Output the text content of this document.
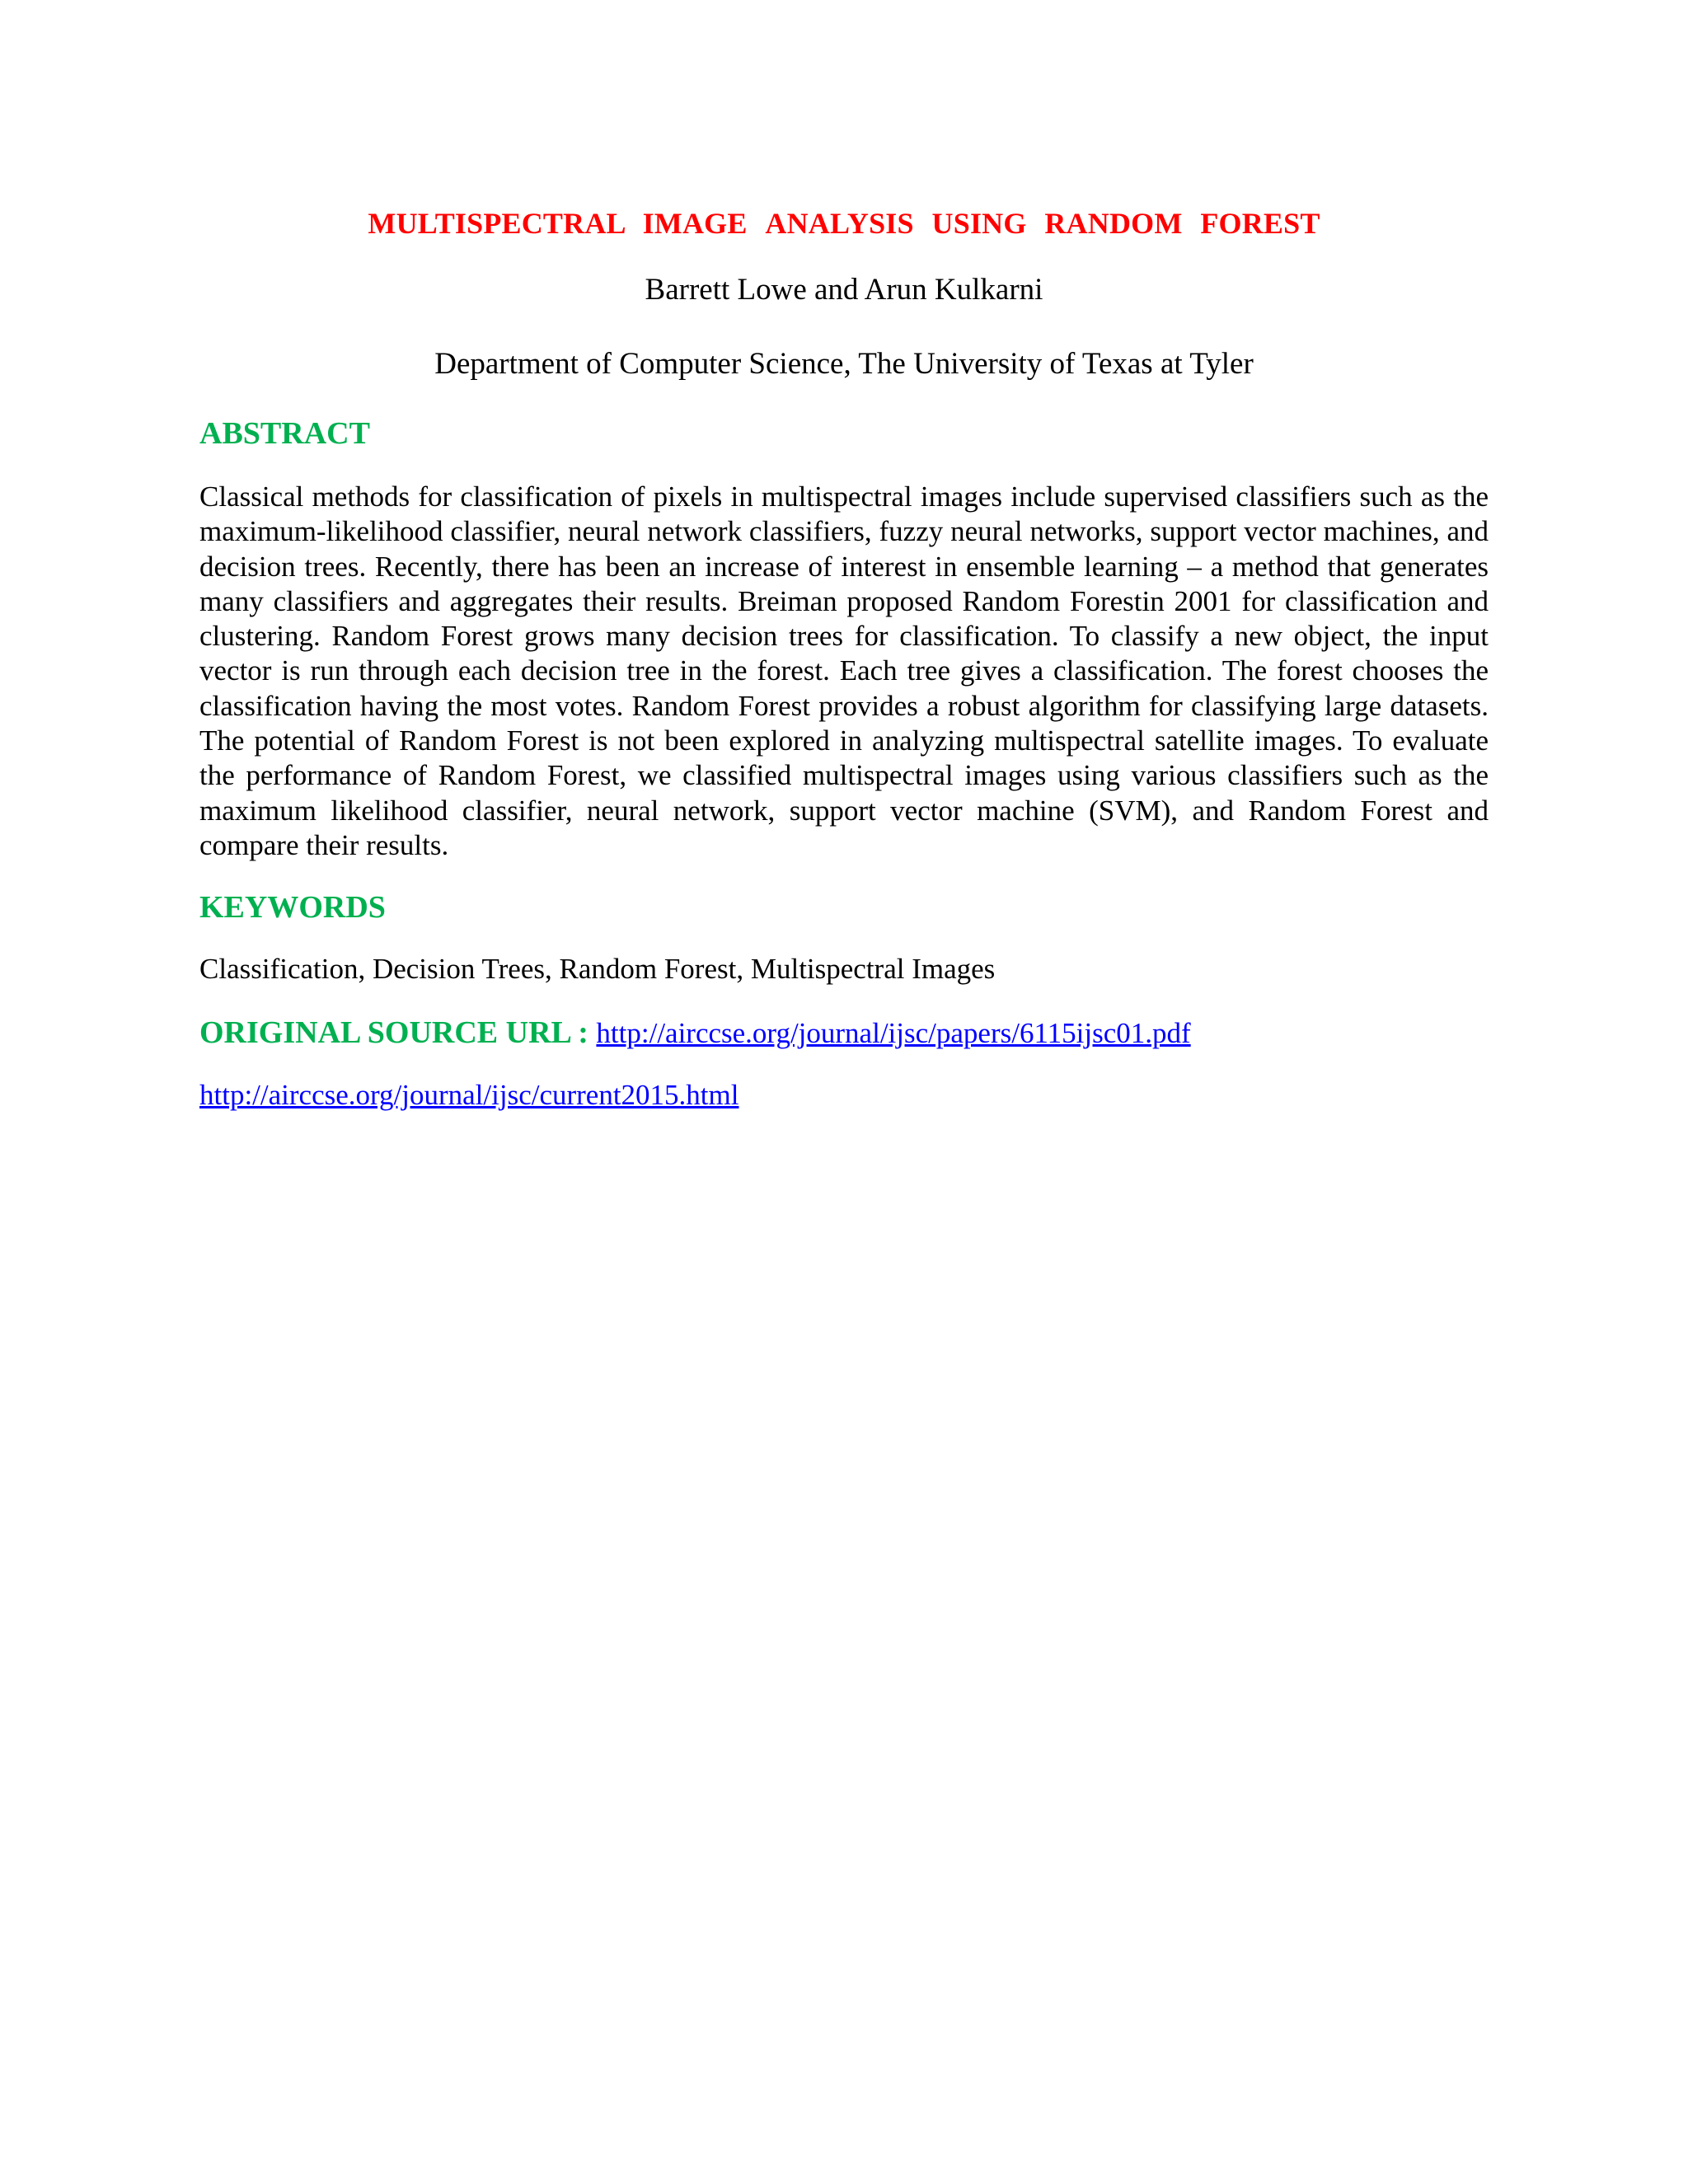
MULTISPECTRAL IMAGE ANALYSIS USING RANDOM FOREST

Barrett Lowe and Arun Kulkarni

Department of Computer Science, The University of Texas at Tyler

ABSTRACT

Classical methods for classification of pixels in multispectral images include supervised classifiers such as the maximum-likelihood classifier, neural network classifiers, fuzzy neural networks, support vector machines, and decision trees. Recently, there has been an increase of interest in ensemble learning – a method that generates many classifiers and aggregates their results. Breiman proposed Random Forestin 2001 for classification and clustering. Random Forest grows many decision trees for classification. To classify a new object, the input vector is run through each decision tree in the forest. Each tree gives a classification. The forest chooses the classification having the most votes. Random Forest provides a robust algorithm for classifying large datasets. The potential of Random Forest is not been explored in analyzing multispectral satellite images. To evaluate the performance of Random Forest, we classified multispectral images using various classifiers such as the maximum likelihood classifier, neural network, support vector machine (SVM), and Random Forest and compare their results.

KEYWORDS

Classification, Decision Trees, Random Forest, Multispectral Images

ORIGINAL SOURCE URL : http://airccse.org/journal/ijsc/papers/6115ijsc01.pdf
http://airccse.org/journal/ijsc/current2015.html
